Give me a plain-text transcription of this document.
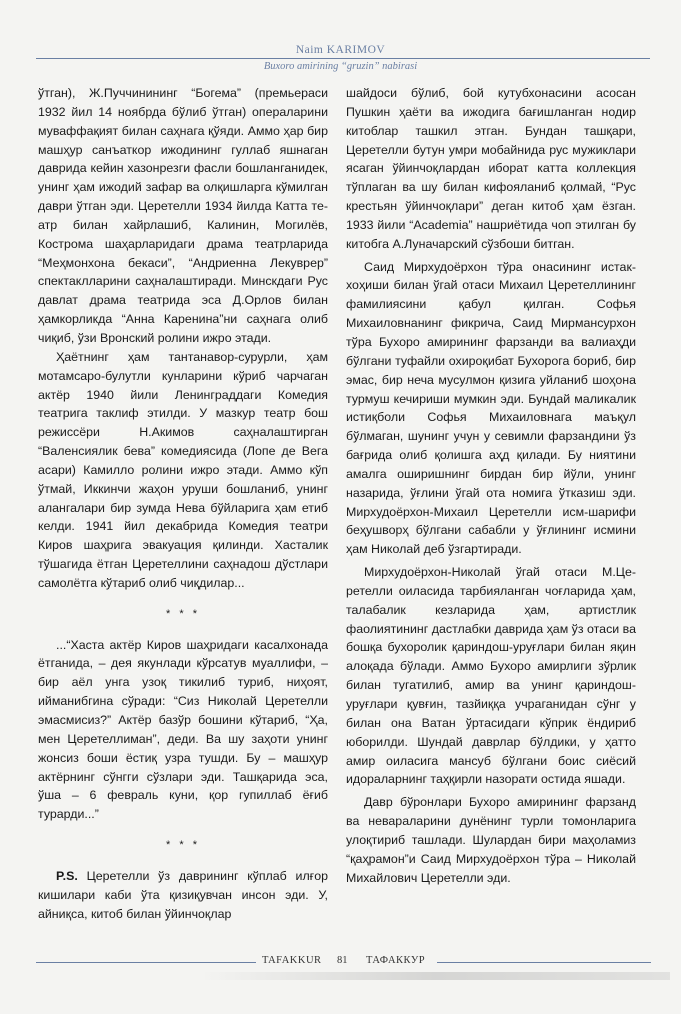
Naim KARIMOV
Buxoro amirining “gruzin” nabirasi

ўтган), Ж.Пуччинининг “Богема” (премьераси 1932 йил 14 ноябрда бўлиб ўтган) операларини муваффақият билан саҳнага қўяди. Аммо ҳар бир машҳур санъаткор ижодининг гуллаб яшнаган даврида кейин хазонрезги фасли бошланганидек, унинг ҳам ижодий зафар ва олқишларга кўмилган даври ўтган эди. Церетелли 1934 йилда Катта театр билан хайрлашиб, Калинин, Могилёв, Кострома шаҳарларидаги драма театрларида “Меҳмонхона бекаси”, “Андриенна Лекуврер” спектаклларини саҳналаштиради. Минскдаги Рус давлат драма театрида эса Д.Орлов билан ҳамкорликда “Анна Каренина”ни саҳнага олиб чиқиб, ўзи Вронский ролини ижро этади.

Ҳаётнинг ҳам тантанавор-сурурли, ҳам мотамсаро-булутли кунларини кўриб чарчаган актёр 1940 йили Ленинграддаги Комедия театрига таклиф этилди. У мазкур театр бош режиссёри Н.Акимов саҳналаштирган “Валенсиялик бева” комедиясида (Лопе де Вега асари) Камилло ролини ижро этади. Аммо кўп ўтмай, Иккинчи жаҳон уруши бошланиб, унинг алангалари бир зумда Нева бўйларига ҳам етиб келди. 1941 йил декабрида Комедия театри Киров шаҳрига эвакуация қилинди. Хасталик тўшагида ётган Церетеллини саҳнадош дўстлари самолётга кўтариб олиб чиқдилар...

* * *

...“Хаста актёр Киров шаҳридаги касалхонада ётганида, – дея якунлади кўрсатув муаллифи, – бир аёл унга узоқ тикилиб туриб, ниҳоят, ийманибгина сўради: “Сиз Николай Церетелли эмасмисиз?” Актёр базўр бошини кўтариб, “Ҳа, мен Церетеллиман”, деди. Ва шу заҳоти унинг жонсиз боши ёстиқ узра тушди. Бу – машҳур актёрнинг сўнгги сўзлари эди. Ташқарида эса, ўша – 6 февраль куни, қор гупиллаб ёғиб турарди...”

* * *

P.S. Церетелли ўз даврининг кўплаб илғор кишилари каби ўта қизиқувчан инсон эди. У, айниқса, китоб билан ўйинчоқлар

шайдоси бўлиб, бой кутубхонасини асосан Пушкин ҳаёти ва ижодига бағишланган нодир китоблар ташкил этган. Бундан ташқари, Церетелли бутун умри мобайнида рус мужиклари ясаган ўйинчоқлардан иборат катта коллекция тўплаган ва шу билан кифояланиб қолмай, “Рус крестьян ўйинчоқлари” деган китоб ҳам ёзган. 1933 йили “Academia” нашриётида чоп этилган бу китобга А.Луначарский сўзбоши битган.

Саид Мирхудоёрхон тўра онасининг истак-хоҳиши билан ўгай отаси Михаил Церетеллининг фамилиясини қабул қилган. Софья Михаиловнанинг фикрича, Саид Мирмансурхон тўра Бухоро амирининг фарзанди ва валиаҳди бўлгани туфайли охироқибат Бухорога бориб, бир эмас, бир неча мусулмон қизига уйланиб шоҳона турмуш кечириши мумкин эди. Бундай маликалик истиқболи Софья Михаиловнага маъқул бўлмаган, шунинг учун у севимли фарзандини ўз бағрида олиб қолишга аҳд қилади. Бу ниятини амалга оширишнинг бирдан бир йўли, унинг назарида, ўғлини ўгай ота номига ўтказиш эди. Мирхудоёрхон-Михаил Церетелли исм-шарифи беҳушворҳ бўлгани сабабли у ўғлининг исмини ҳам Николай деб ўзгартиради.

Мирхудоёрхон-Николай ўгай отаси М.Церетелли оиласида тарбияланган чоғларида ҳам, талабалик кезларида ҳам, артистлик фаолиятининг дастлабки даврида ҳам ўз отаси ва бошқа бухоролик қариндош-уруғлари билан яқин алоқада бўлади. Аммо Бухоро амирлиги зўрлик билан тугатилиб, амир ва унинг қариндош-уруғлари қувғин, тазйиққа учраганидан сўнг у билан она Ватан ўртасидаги кўприк ёндириб юборилди. Шундай даврлар бўлдики, у ҳатто амир оиласига мансуб бўлгани боис сиёсий идораларнинг таҳқирли назорати остида яшади.

Давр бўронлари Бухоро амирининг фарзанд ва невараларини дунёнинг турли томонларига улоқтириб ташлади. Шулардан бири маҳоламиз “қаҳрамон”и Саид Мирхудоёрхон тўра – Николай Михайлович Церетелли эди.

TAFAKKUR 81 ТАФАККУР
